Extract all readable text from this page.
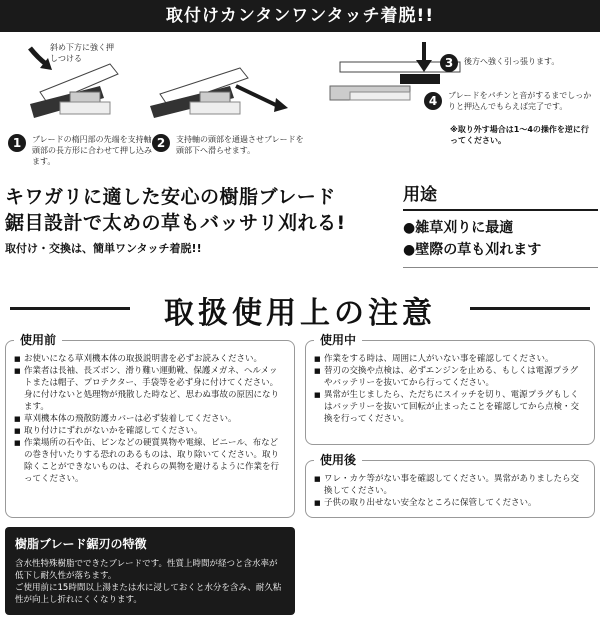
取付けカンタンワンタッチ着脱!!
斜め下方に強く押しつける
1	ブレードの楕円部の先端を支持軸頭部の長方形に合わせて押し込みます。
2	支持軸の頭部を通過させブレードを頭部下へ滑らせます。
3	後方へ強く引っ張ります。
4	ブレードをパチンと音がするまでしっかりと押込んでもらえば完了です。
※取り外す場合は1〜4の操作を逆に行ってください。
キワガリに適した安心の樹脂ブレード
鋸目設計で太めの草もバッサリ刈れる!
取付け・交換は、簡単ワンタッチ着脱!!
用途
●雑草刈りに最適
●壁際の草も刈れます
取扱使用上の注意
使用前
■ お使いになる草刈機本体の取扱説明書を必ずお読みください。
■ 作業者は長袖、長ズボン、滑り難い運動靴、保護メガネ、ヘルメットまたは帽子、プロテクター、手袋等を必ず身に付けてください。身に付けないと処理物が飛散した時など、思わぬ事故の原因になります。
■ 草刈機本体の飛散防護カバーは必ず装着してください。
■ 取り付けにずれがないかを確認してください。
■ 作業場所の石や缶、ピンなどの硬質異物や電線、ビニール、布などの巻き付いたりする恐れのあるものは、取り除いてください。取り除くことができないものは、それらの異物を避けるように作業を行ってください。
使用中
■ 作業をする時は、周囲に人がいない事を確認してください。
■ 替刃の交換や点検は、必ずエンジンを止める、もしくは電源プラグやバッテリーを抜いてから行ってください。
■ 異常が生じましたら、ただちにスイッチを切り、電源プラグもしくはバッテリーを抜いて回転が止まったことを確認してから点検・交換を行ってください。
使用後
■ ワレ・カケ等がない事を確認してください。異常がありましたら交換してください。
■ 子供の取り出せない安全なところに保管してください。
樹脂ブレード鋸刃の特徴

含水性特殊樹脂でできたブレードです。性質上時間が経つと含水率が低下し耐久性が落ちます。

ご使用前に15時間以上湯または水に浸しておくと水分を含み、耐久粘性が向上し折れにくくなります。
